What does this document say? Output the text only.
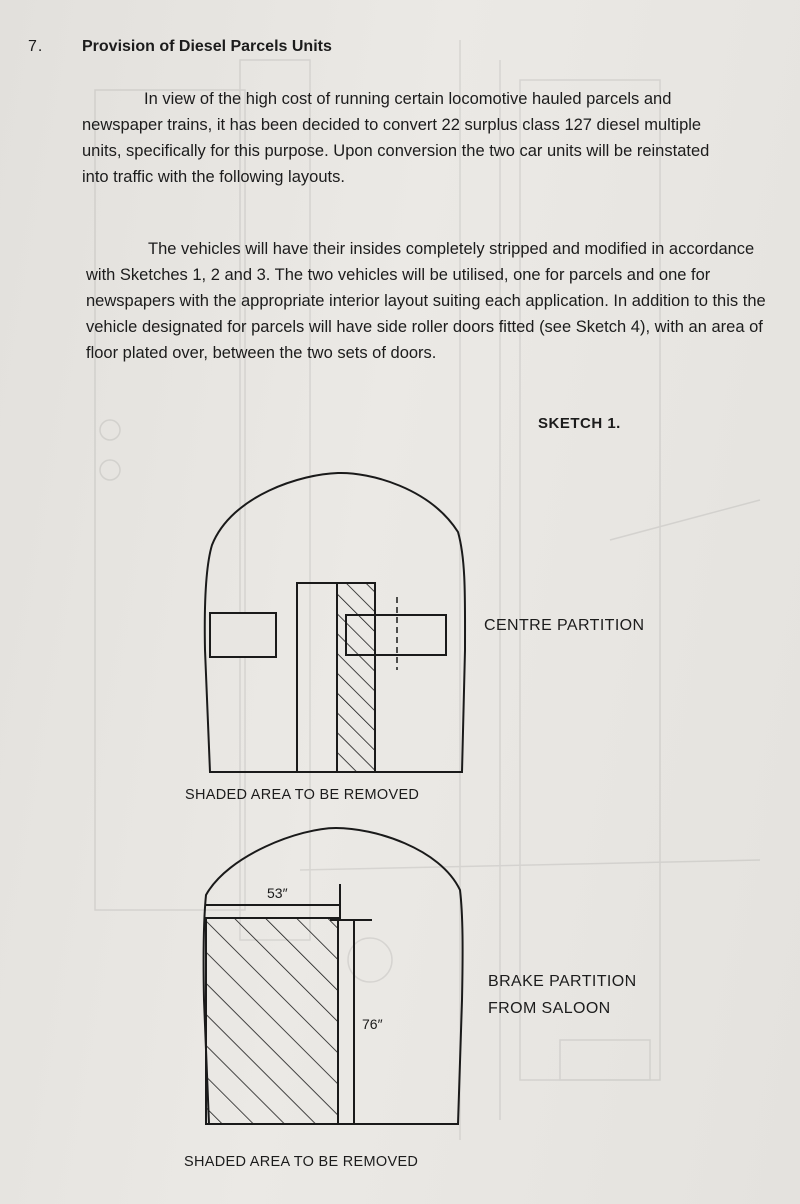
7. Provision of Diesel Parcels Units

In view of the high cost of running certain locomotive hauled parcels and newspaper trains, it has been decided to convert 22 surplus class 127 diesel multiple units, specifically for this purpose. Upon conversion the two car units will be reinstated into traffic with the following layouts.

The vehicles will have their insides completely stripped and modified in accordance with Sketches 1, 2 and 3. The two vehicles will be utilised, one for parcels and one for newspapers with the appropriate interior layout suiting each application. In addition to this the vehicle designated for parcels will have side roller doors fitted (see Sketch 4), with an area of floor plated over, between the two sets of doors.

SKETCH 1.
CENTRE PARTITION
SHADED AREA TO BE REMOVED
53″
76″
BRAKE PARTITION
FROM SALOON
SHADED AREA TO BE REMOVED
